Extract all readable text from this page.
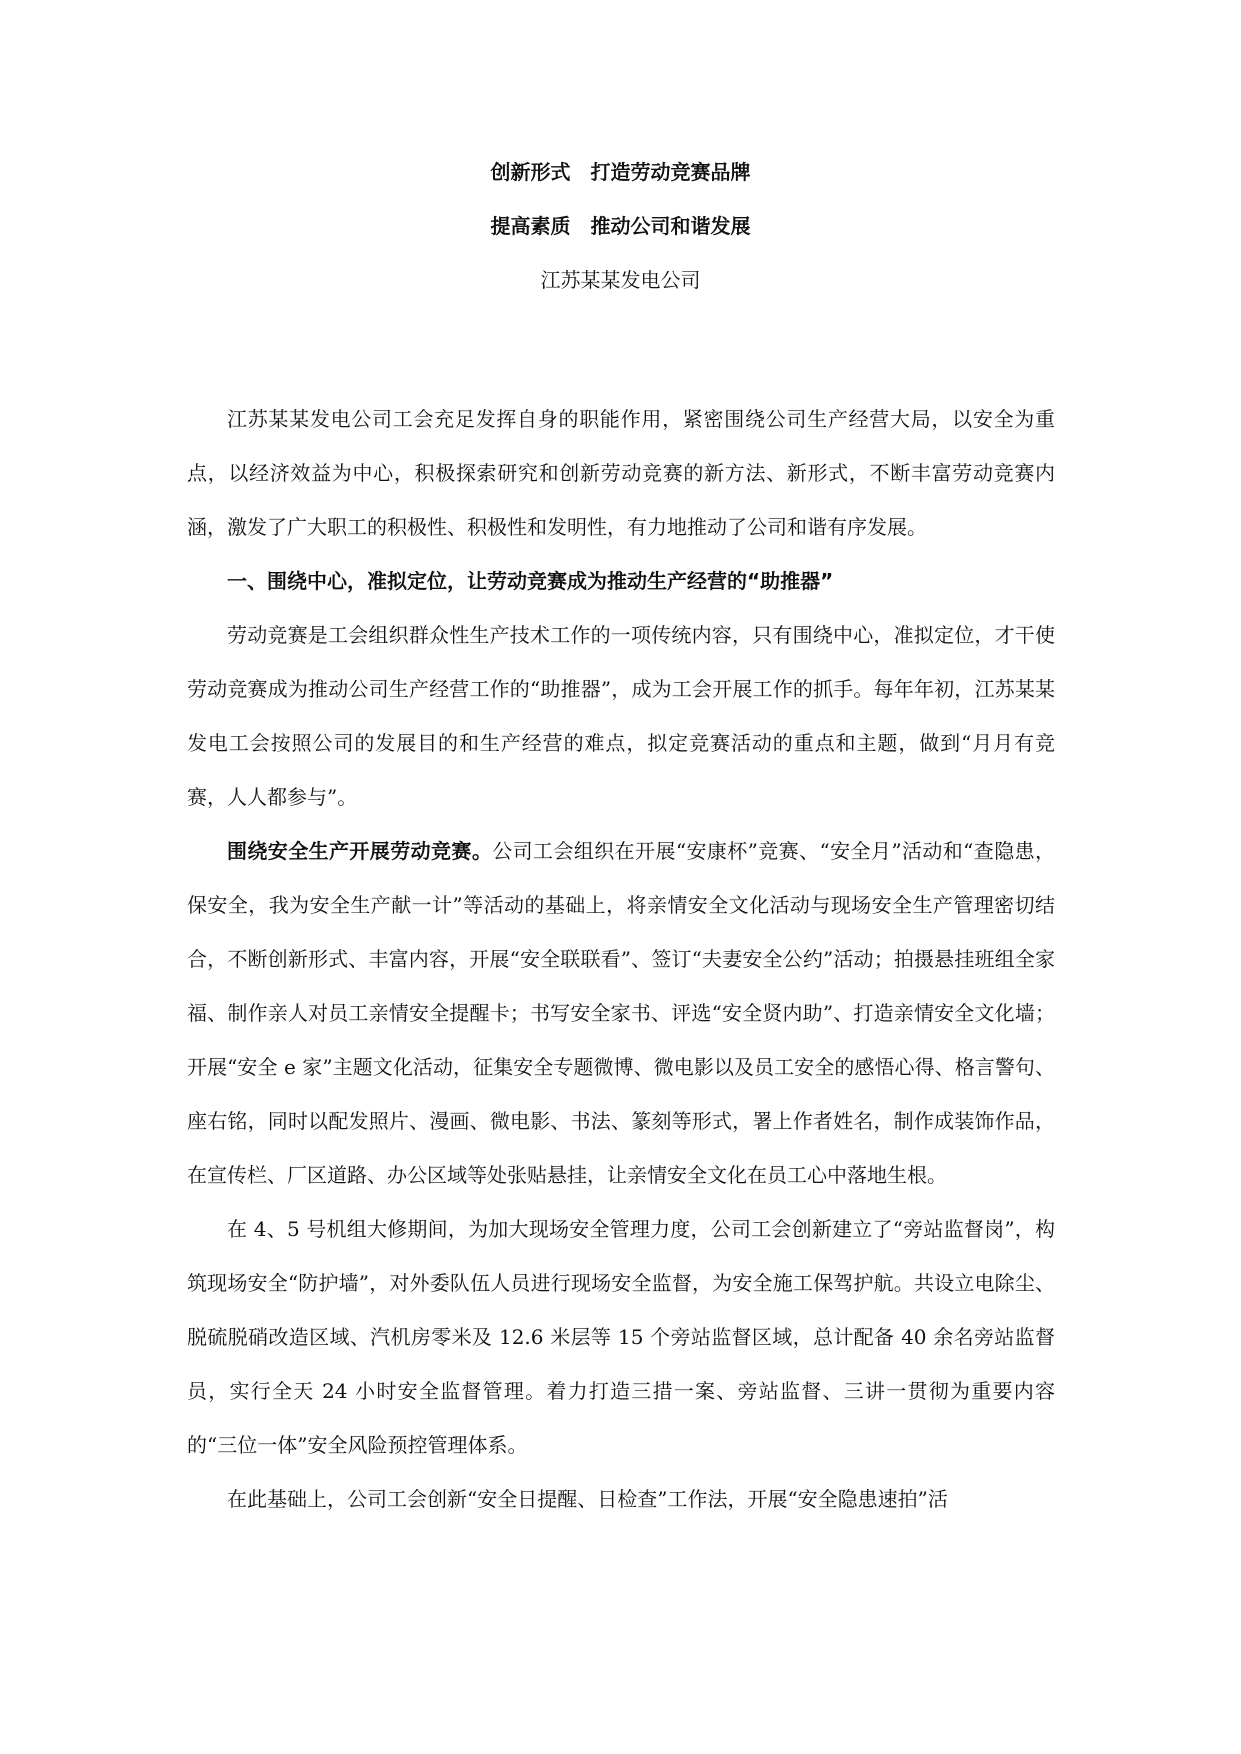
创新形式　打造劳动竞赛品牌
提高素质　推动公司和谐发展
江苏某某发电公司

江苏某某发电公司工会充足发挥自身的职能作用，紧密围绕公司生产经营大局，以安全为重点，以经济效益为中心，积极探索研究和创新劳动竞赛的新方法、新形式，不断丰富劳动竞赛内涵，激发了广大职工的积极性、积极性和发明性，有力地推动了公司和谐有序发展。

一、围绕中心，准拟定位，让劳动竞赛成为推动生产经营的“助推器”

劳动竞赛是工会组织群众性生产技术工作的一项传统内容，只有围绕中心，准拟定位，才干使劳动竞赛成为推动公司生产经营工作的“助推器”，成为工会开展工作的抓手。每年年初，江苏某某发电工会按照公司的发展目的和生产经营的难点，拟定竞赛活动的重点和主题，做到“月月有竞赛，人人都参与”。

围绕安全生产开展劳动竞赛。公司工会组织在开展“安康杯”竞赛、“安全月”活动和“查隐患，保安全，我为安全生产献一计”等活动的基础上，将亲情安全文化活动与现场安全生产管理密切结合，不断创新形式、丰富内容，开展“安全联联看”、签订“夫妻安全公约”活动；拍摄悬挂班组全家福、制作亲人对员工亲情安全提醒卡；书写安全家书、评选“安全贤内助”、打造亲情安全文化墙；开展“安全 e 家”主题文化活动，征集安全专题微博、微电影以及员工安全的感悟心得、格言警句、座右铭，同时以配发照片、漫画、微电影、书法、篆刻等形式，署上作者姓名，制作成装饰作品，在宣传栏、厂区道路、办公区域等处张贴悬挂，让亲情安全文化在员工心中落地生根。

在 4、5 号机组大修期间，为加大现场安全管理力度，公司工会创新建立了“旁站监督岗”，构筑现场安全“防护墙”，对外委队伍人员进行现场安全监督，为安全施工保驾护航。共设立电除尘、脱硫脱硝改造区域、汽机房零米及 12.6 米层等 15 个旁站监督区域，总计配备 40 余名旁站监督员，实行全天 24 小时安全监督管理。着力打造三措一案、旁站监督、三讲一贯彻为重要内容的“三位一体”安全风险预控管理体系。

在此基础上，公司工会创新“安全日提醒、日检查”工作法，开展“安全隐患速拍”活
